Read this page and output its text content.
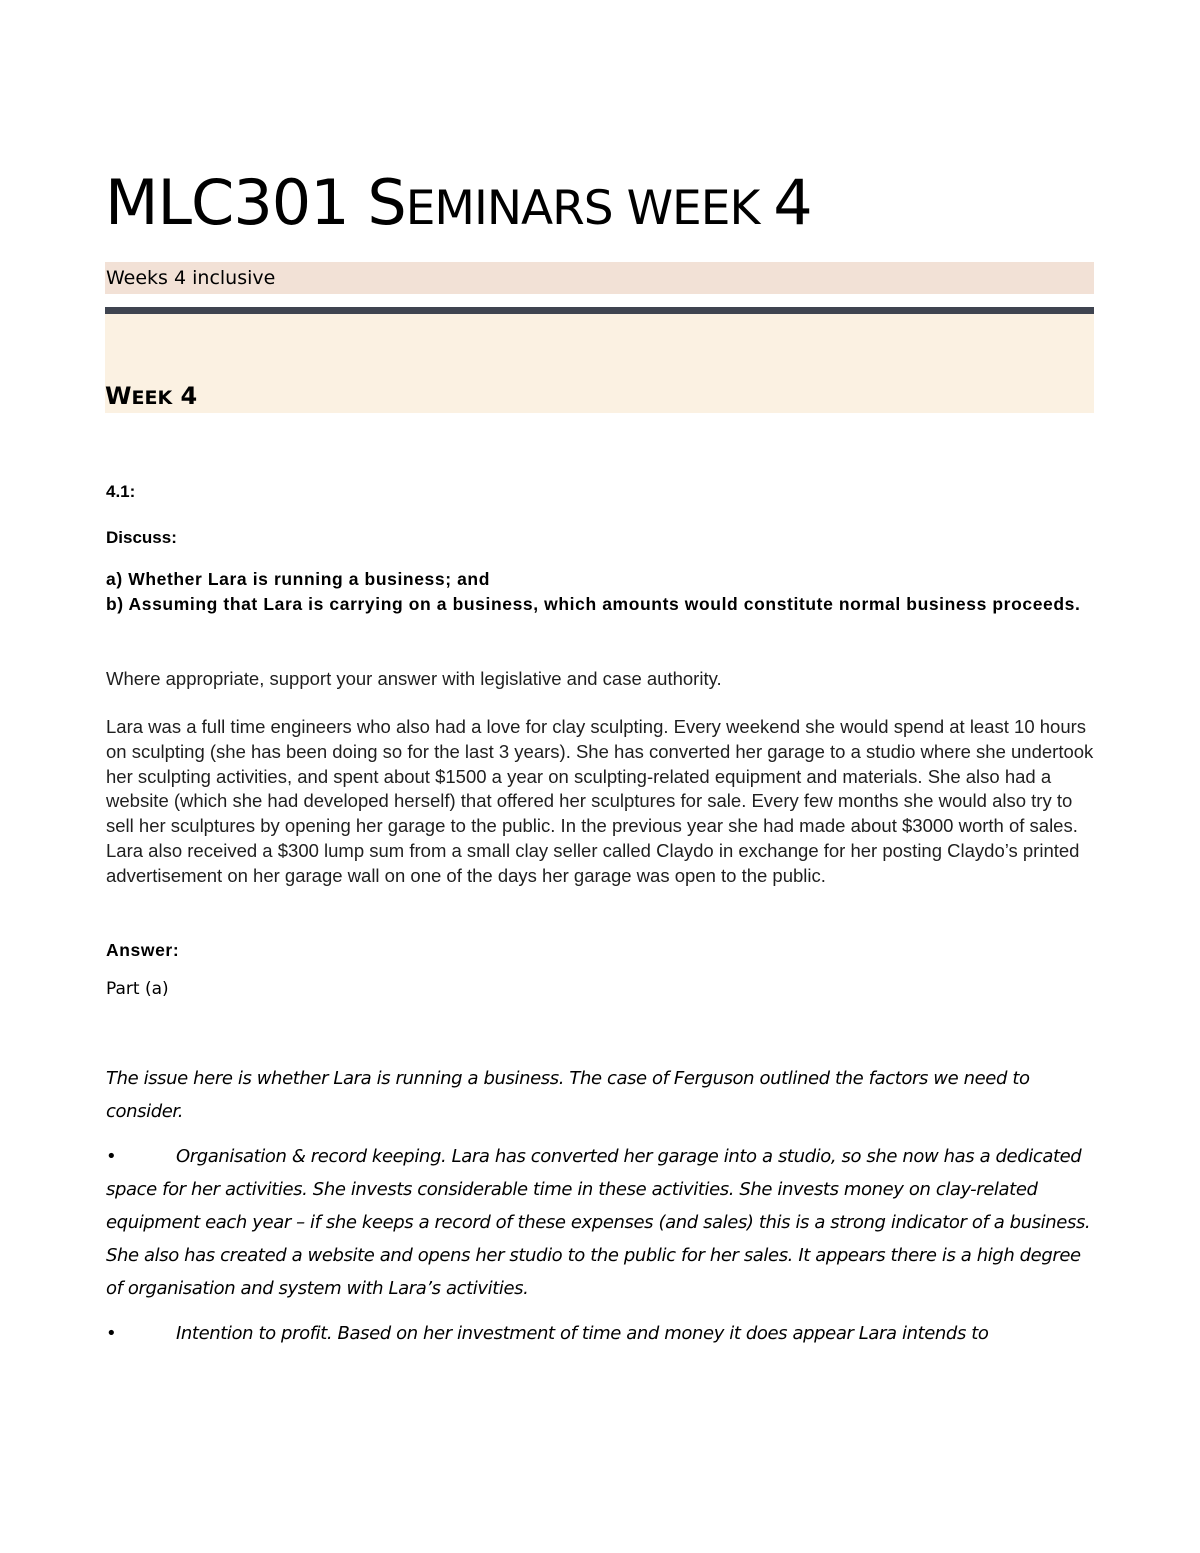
MLC301 SEMINARS WEEK 4

Weeks 4 inclusive

WEEK 4

4.1:

Discuss:

a) Whether Lara is running a business; and

b) Assuming that Lara is carrying on a business, which amounts would constitute normal business proceeds.

Where appropriate, support your answer with legislative and case authority.

Lara was a full time engineers who also had a love for clay sculpting. Every weekend she would spend at least 10 hours on sculpting (she has been doing so for the last 3 years). She has converted her garage to a studio where she undertook her sculpting activities, and spent about $1500 a year on sculpting-related equipment and materials. She also had a website (which she had developed herself) that offered her sculptures for sale. Every few months she would also try to sell her sculptures by opening her garage to the public. In the previous year she had made about $3000 worth of sales. Lara also received a $300 lump sum from a small clay seller called Claydo in exchange for her posting Claydo’s printed advertisement on her garage wall on one of the days her garage was open to the public.

Answer:

Part (a)

The issue here is whether Lara is running a business. The case of Ferguson outlined the factors we need to consider.

•	Organisation & record keeping. Lara has converted her garage into a studio, so she now has a dedicated space for her activities. She invests considerable time in these activities. She invests money on clay-related equipment each year – if she keeps a record of these expenses (and sales) this is a strong indicator of a business. She also has created a website and opens her studio to the public for her sales. It appears there is a high degree of organisation and system with Lara’s activities.

•	Intention to profit. Based on her investment of time and money it does appear Lara intends to
